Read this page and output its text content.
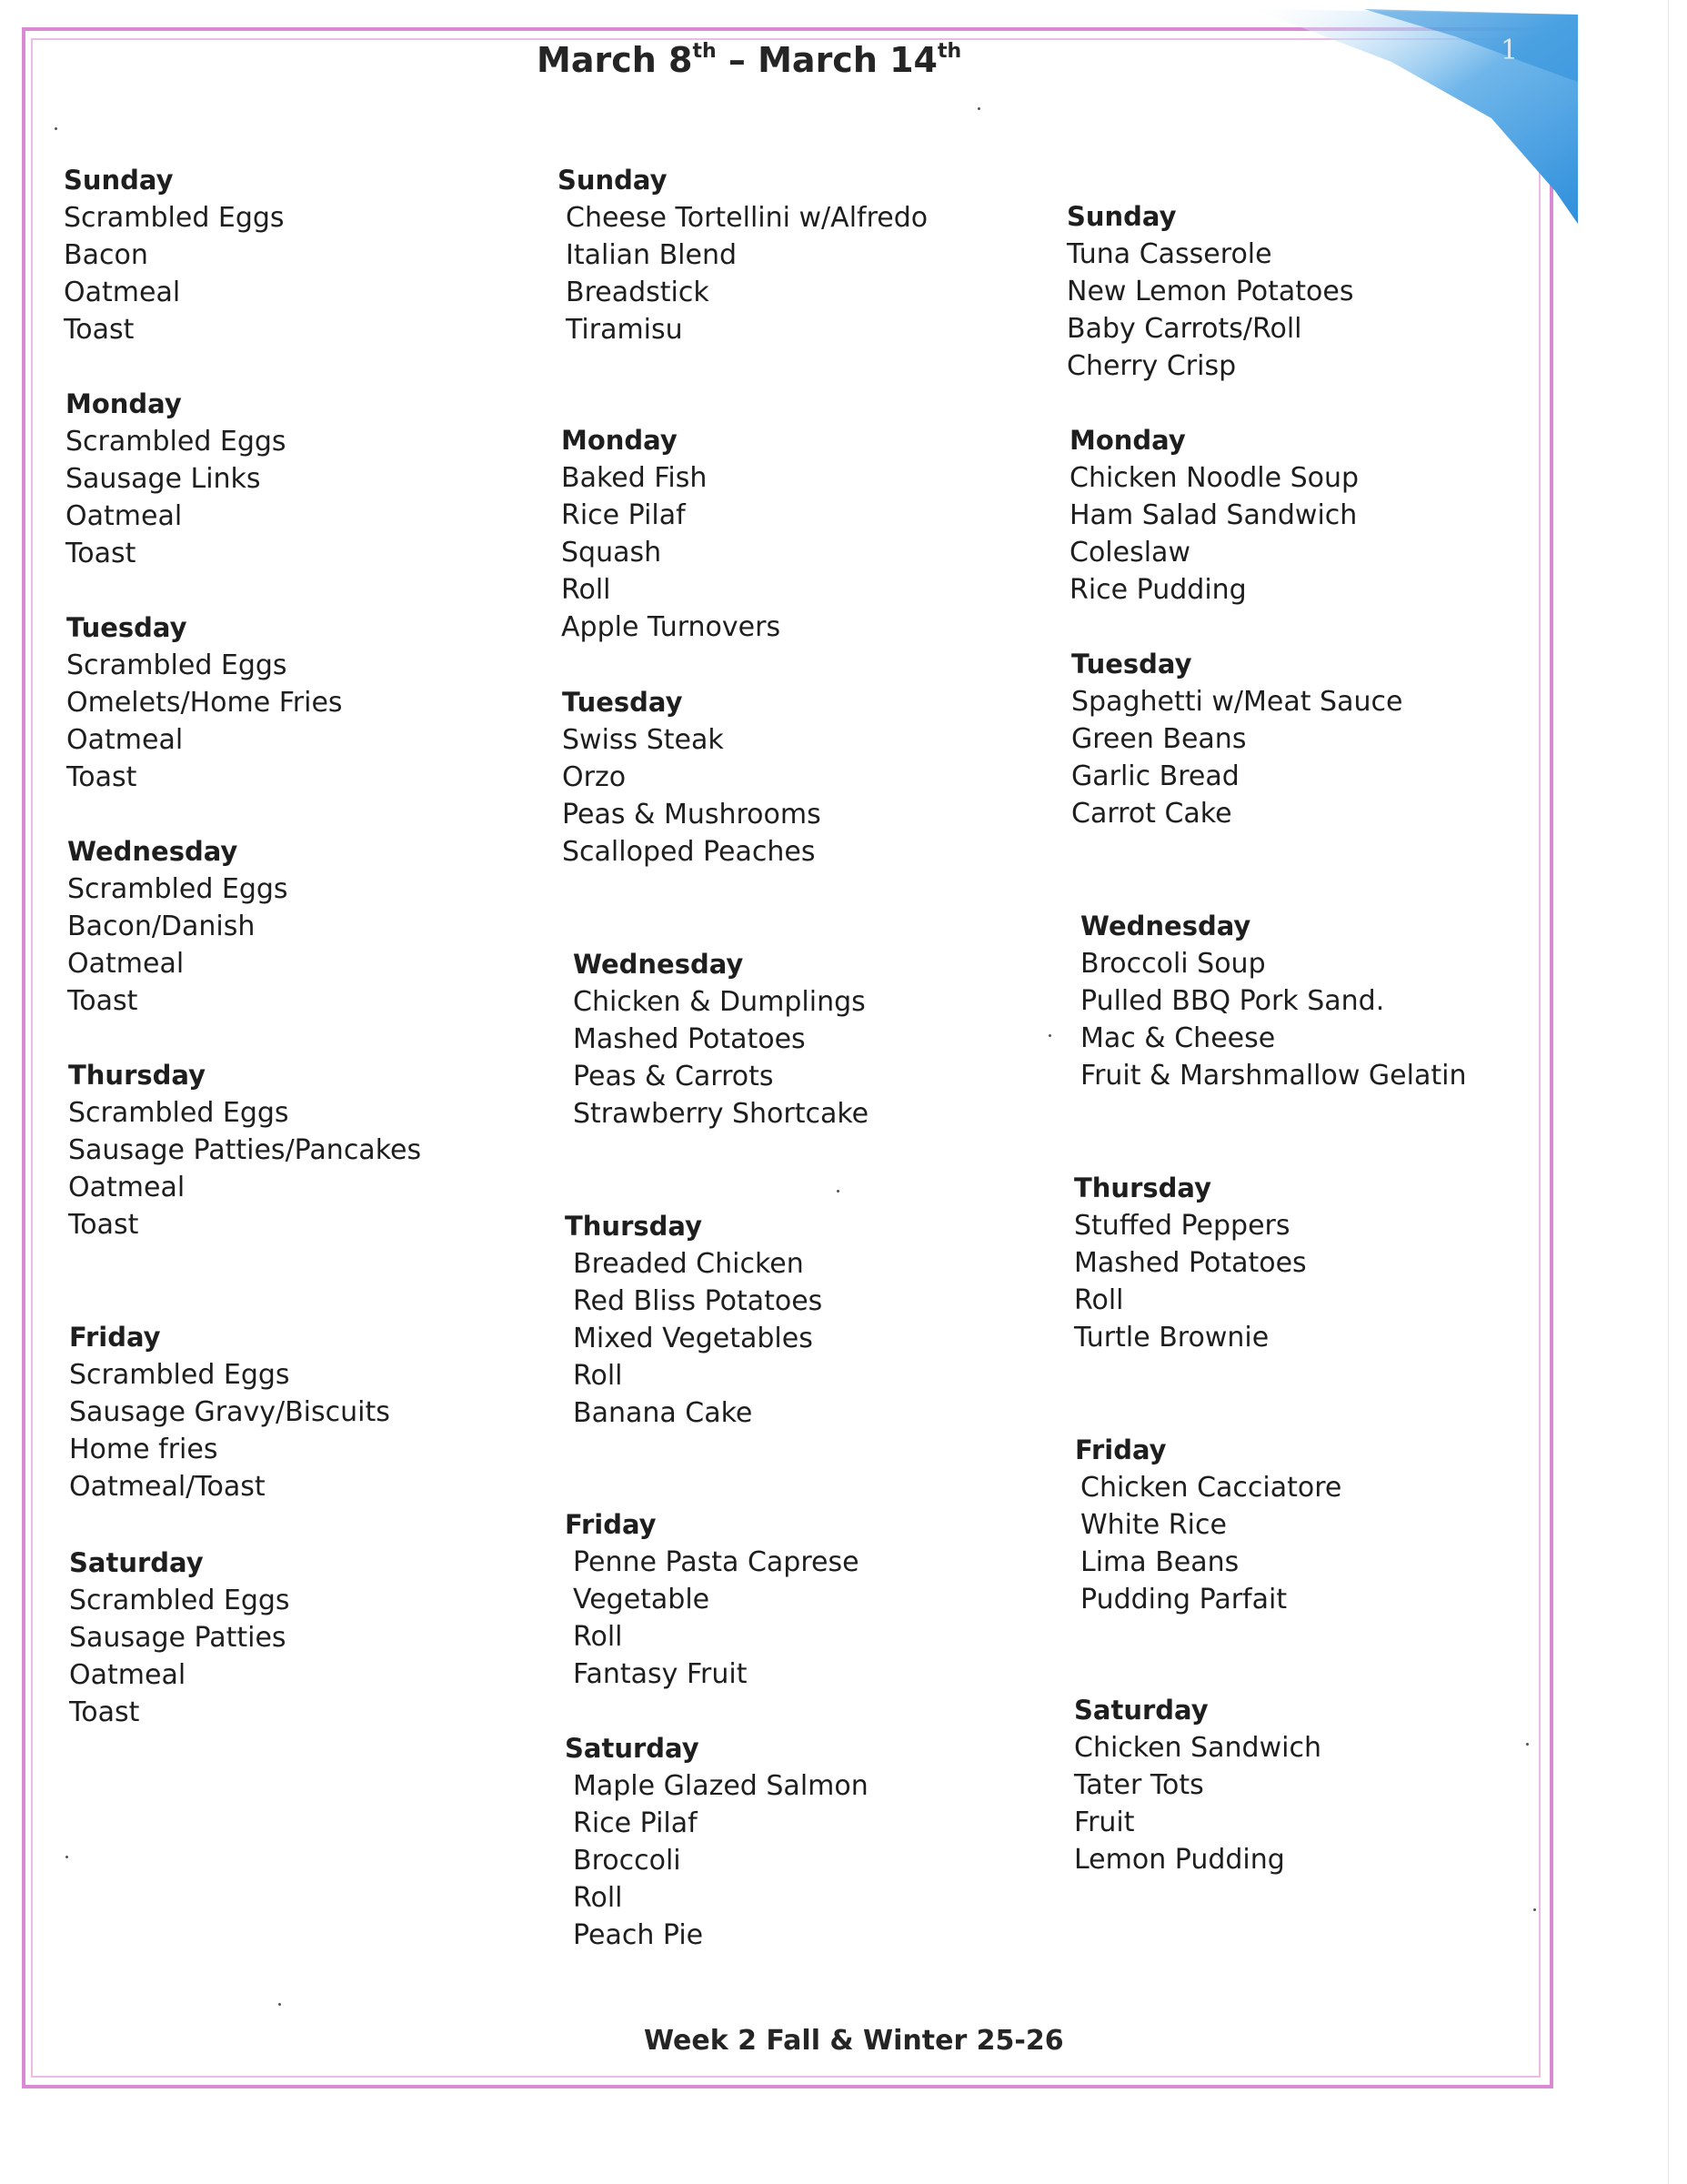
1
March 8th – March 14th
Sunday
Scrambled Eggs
Bacon
Oatmeal
Toast
Monday
Scrambled Eggs
Sausage Links
Oatmeal
Toast
Tuesday
Scrambled Eggs
Omelets/Home Fries
Oatmeal
Toast
Wednesday
Scrambled Eggs
Bacon/Danish
Oatmeal
Toast
Thursday
Scrambled Eggs
Sausage Patties/Pancakes
Oatmeal
Toast
Friday
Scrambled Eggs
Sausage Gravy/Biscuits
Home fries
Oatmeal/Toast
Saturday
Scrambled Eggs
Sausage Patties
Oatmeal
Toast
Sunday
Cheese Tortellini w/Alfredo
Italian Blend
Breadstick
Tiramisu
Monday
Baked Fish
Rice Pilaf
Squash
Roll
Apple Turnovers
Tuesday
Swiss Steak
Orzo
Peas & Mushrooms
Scalloped Peaches
Wednesday
Chicken & Dumplings
Mashed Potatoes
Peas & Carrots
Strawberry Shortcake
Thursday
Breaded Chicken
Red Bliss Potatoes
Mixed Vegetables
Roll
Banana Cake
Friday
Penne Pasta Caprese
Vegetable
Roll
Fantasy Fruit
Saturday
Maple Glazed Salmon
Rice Pilaf
Broccoli
Roll
Peach Pie
Sunday
Tuna Casserole
New Lemon Potatoes
Baby Carrots/Roll
Cherry Crisp
Monday
Chicken Noodle Soup
Ham Salad Sandwich
Coleslaw
Rice Pudding
Tuesday
Spaghetti w/Meat Sauce
Green Beans
Garlic Bread
Carrot Cake
Wednesday
Broccoli Soup
Pulled BBQ Pork Sand.
Mac & Cheese
Fruit & Marshmallow Gelatin
Thursday
Stuffed Peppers
Mashed Potatoes
Roll
Turtle Brownie
Friday
Chicken Cacciatore
White Rice
Lima Beans
Pudding Parfait
Saturday
Chicken Sandwich
Tater Tots
Fruit
Lemon Pudding
Week 2 Fall & Winter 25-26
